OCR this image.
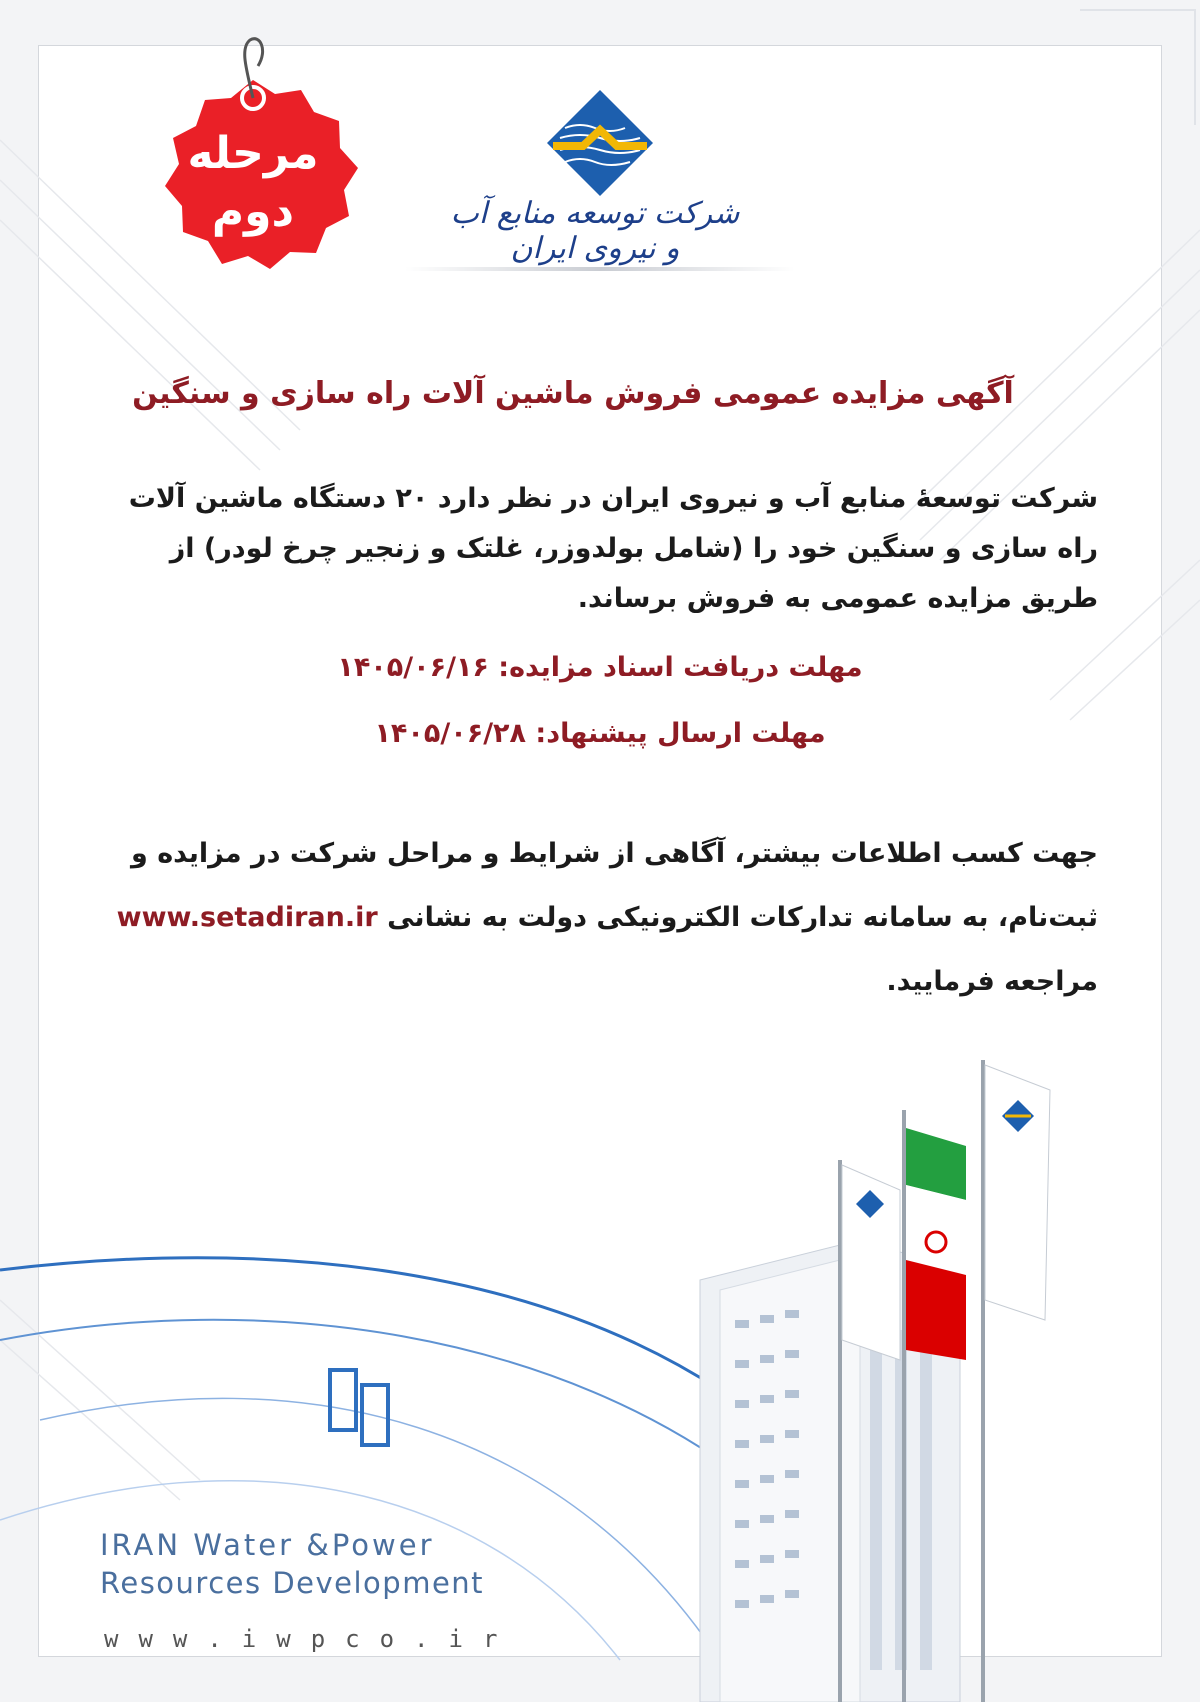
مرحله
دوم	شرکت توسعه منابع آب و نیروی ایران
آگهی مزایده عمومی فروش ماشین آلات راه سازی و سنگین
شرکت توسعهٔ منابع آب و نیروی ایران در نظر دارد ۲۰ دستگاه ماشین آلات راه سازی و سنگین خود را (شامل بولدوزر، غلتک و زنجیر چرخ لودر) از طریق مزایده عمومی به فروش برساند.
مهلت دریافت اسناد مزایده: ۱۴۰۵/۰۶/۱۶
مهلت ارسال پیشنهاد: ۱۴۰۵/۰۶/۲۸
جهت کسب اطلاعات بیشتر، آگاهی از شرایط و مراحل شرکت در مزایده و ثبت‌نام، به سامانه تدارکات الکترونیکی دولت به نشانی www.setadiran.ir مراجعه فرمایید.
IRAN Water &Power
Resources Development
www.iwpco.ir
